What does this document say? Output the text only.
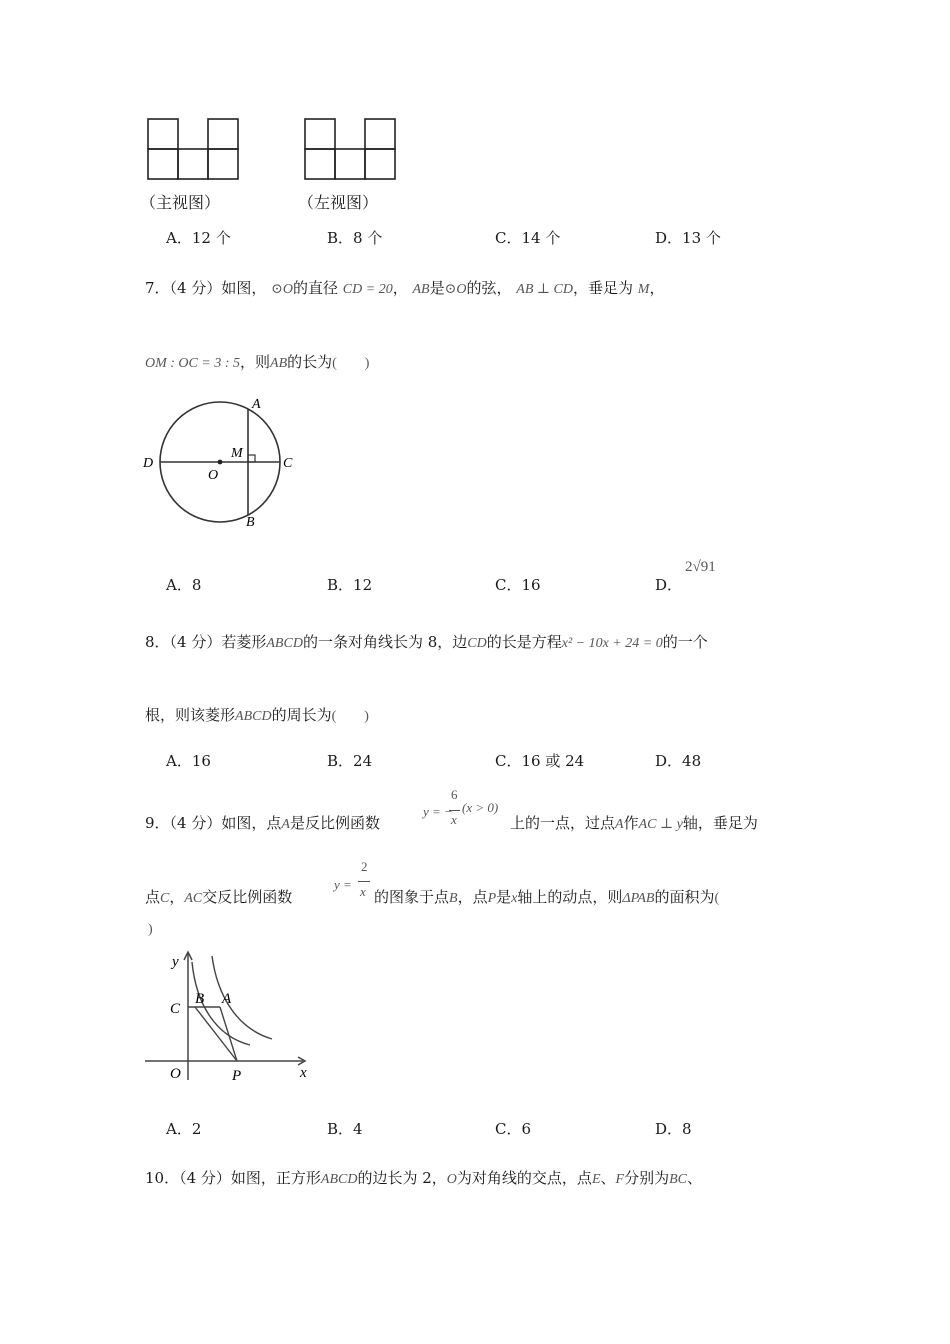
（主视图）	（左视图）
A．12 个	B．8 个	C．14 个	D．13 个
7．（4 分）如图， ⊙O的直径 CD = 20， AB是⊙O的弦， AB ⊥ CD，垂足为 M，
OM : OC = 3 : 5，则AB的长为(　　)
A
M
D	C
O
B
A．8	B．12	C．16	D．
2√91
8．（4 分）若菱形ABCD的一条对角线长为 8，边CD的长是方程x² − 10x + 24 = 0的一个
根，则该菱形ABCD的周长为(　　)
A．16	B．24	C．16 或 24	D．48
9．（4 分）如图，点A是反比例函数
y = −
6
x
(x > 0)
上的一点，过点A作AC ⊥ y轴，垂足为
点C，AC交反比例函数
y =
2
x 的图象于点B，点P是x轴上的动点，则ΔPAB的面积为(
)
y
C
B A
O	P	x
A．2	B．4	C．6	D．8
10．（4 分）如图，正方形ABCD的边长为 2，O为对角线的交点，点E、F分别为BC、
